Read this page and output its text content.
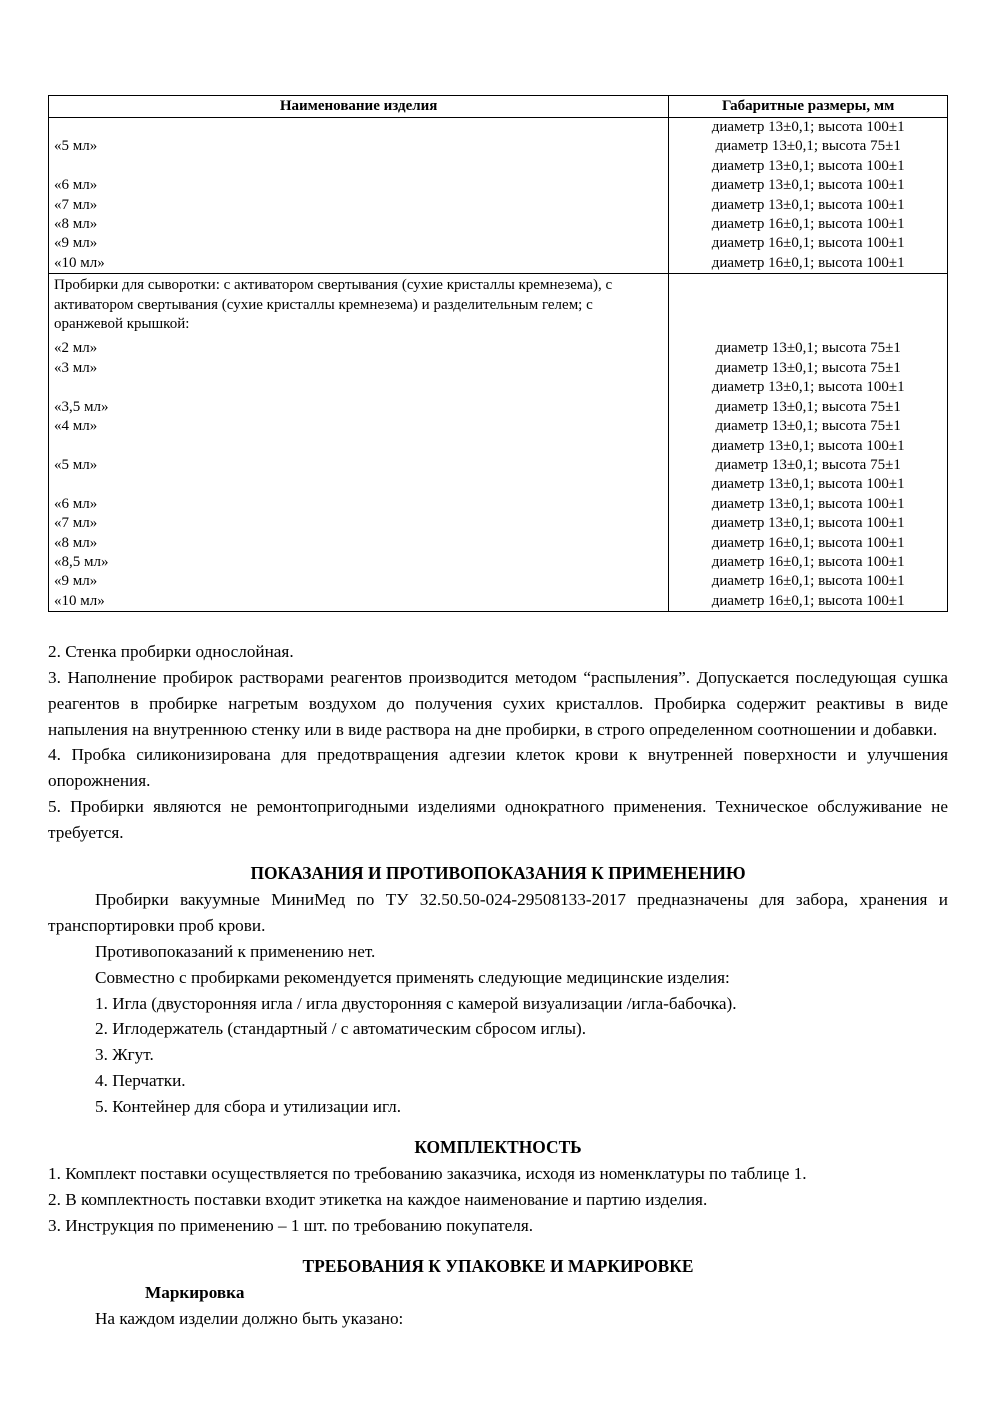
Наименование изделия	Габаритные размеры, мм
	диаметр 13±0,1; высота 100±1
«5 мл»	диаметр 13±0,1; высота 75±1
	диаметр 13±0,1; высота 100±1
«6 мл»	диаметр 13±0,1; высота 100±1
«7 мл»	диаметр 13±0,1; высота 100±1
«8 мл»	диаметр 16±0,1; высота 100±1
«9 мл»	диаметр 16±0,1; высота 100±1
«10 мл»	диаметр 16±0,1; высота 100±1
Пробирки для сыворотки: с активатором свертывания (сухие кристаллы кремнезема), с активатором свертывания (сухие кристаллы кремнезема) и разделительным гелем; с оранжевой крышкой:	
«2 мл»	диаметр 13±0,1; высота 75±1
«3 мл»	диаметр 13±0,1; высота 75±1
	диаметр 13±0,1; высота 100±1
«3,5 мл»	диаметр 13±0,1; высота 75±1
«4 мл»	диаметр 13±0,1; высота 75±1
	диаметр 13±0,1; высота 100±1
«5 мл»	диаметр 13±0,1; высота 75±1
	диаметр 13±0,1; высота 100±1
«6 мл»	диаметр 13±0,1; высота 100±1
«7 мл»	диаметр 13±0,1; высота 100±1
«8 мл»	диаметр 16±0,1; высота 100±1
«8,5 мл»	диаметр 16±0,1; высота 100±1
«9 мл»	диаметр 16±0,1; высота 100±1
«10 мл»	диаметр 16±0,1; высота 100±1

2. Стенка пробирки однослойная.

3. Наполнение пробирок растворами реагентов производится методом “распыления”. Допускается последующая сушка реагентов в пробирке нагретым воздухом до получения сухих кристаллов. Пробирка содержит реактивы в виде напыления на внутреннюю стенку или в виде раствора на дне пробирки, в строго определенном соотношении и добавки.

4. Пробка силиконизирована для предотвращения адгезии клеток крови к внутренней поверхности и улучшения опорожнения.

5. Пробирки являются не ремонтопригодными изделиями однократного применения. Техническое обслуживание не требуется.

ПОКАЗАНИЯ И ПРОТИВОПОКАЗАНИЯ К ПРИМЕНЕНИЮ

Пробирки вакуумные МиниМед по ТУ 32.50.50-024-29508133-2017 предназначены для забора, хранения и транспортировки проб крови.

Противопоказаний к применению нет.

Совместно с пробирками рекомендуется применять следующие медицинские изделия:

1. Игла (двусторонняя игла / игла двусторонняя с камерой визуализации /игла-бабочка).
2. Иглодержатель (стандартный / с автоматическим сбросом иглы).
3. Жгут.
4. Перчатки.
5. Контейнер для сбора и утилизации игл.
КОМПЛЕКТНОСТЬ

1. Комплект поставки осуществляется по требованию заказчика, исходя из номенклатуры по таблице 1.

2. В комплектность поставки входит этикетка на каждое наименование и партию изделия.

3. Инструкция по применению – 1 шт. по требованию покупателя.

ТРЕБОВАНИЯ К УПАКОВКЕ И МАРКИРОВКЕ
Маркировка

На каждом изделии должно быть указано:
